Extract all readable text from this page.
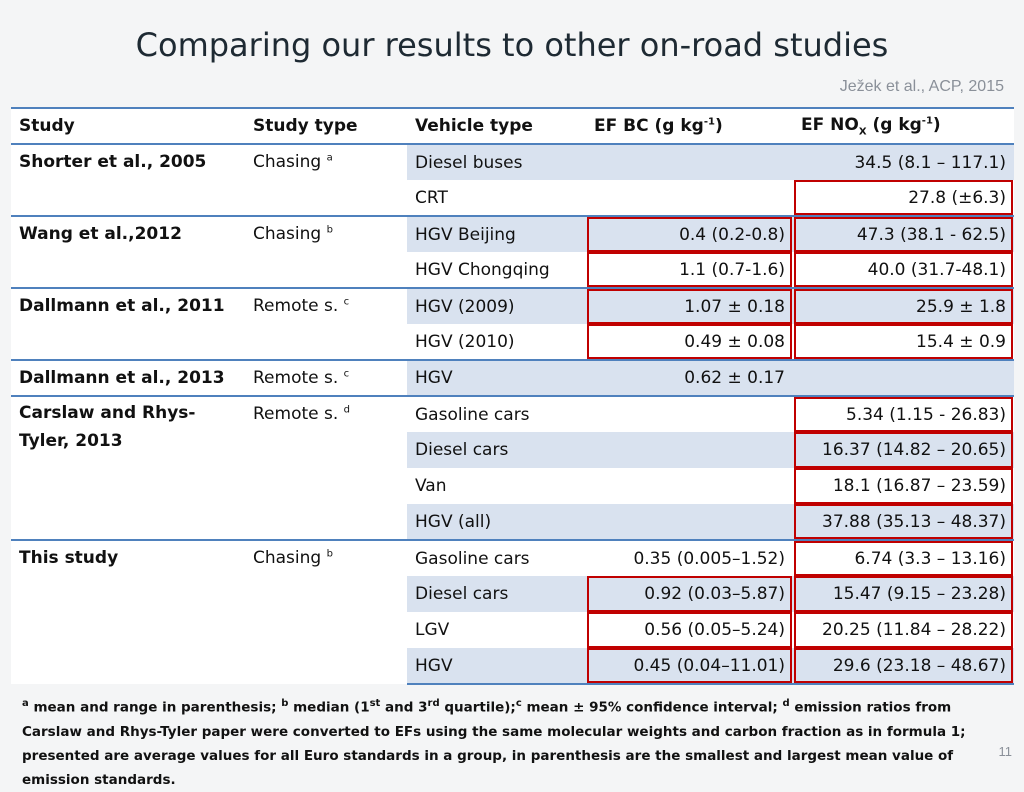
Comparing our results to other on-road studies
Ježek et al., ACP, 2015
Study	Study type	Vehicle type	EF BC (g $kg^{-1}$)	EF $NO_X$ (g $kg^{-1}$)
Shorter et al., 2005	Chasing $^a$	Diesel buses		34.5 (8.1 – 117.1)
		CRT		27.8 (±6.3)
Wang et al.,2012	Chasing $^b$	HGV Beijing	0.4 (0.2-0.8)	47.3 (38.1 - 62.5)
		HGV Chongqing	1.1 (0.7-1.6)	40.0 (31.7-48.1)
Dallmann et al., 2011	Remote s. $^c$	HGV (2009)	1.07 ± 0.18	25.9 ± 1.8
		HGV (2010)	0.49 ± 0.08	15.4 ± 0.9
Dallmann et al., 2013	Remote s. $^c$	HGV	0.62 ± 0.17	
Carslaw and Rhys-Tyler, 2013	Remote s. $^d$	Gasoline cars		5.34 (1.15 - 26.83)
		Diesel cars		16.37 (14.82 – 20.65)
		Van		18.1 (16.87 – 23.59)
		HGV (all)		37.88 (35.13 – 48.37)
This study	Chasing $^b$	Gasoline cars	0.35 (0.005–1.52)	6.74 (3.3 – 13.16)
		Diesel cars	0.92 (0.03–5.87)	15.47 (9.15 – 23.28)
		LGV	0.56 (0.05–5.24)	20.25 (11.84 – 28.22)
		HGV	0.45 (0.04–11.01)	29.6 (23.18 – 48.67)
$^a$ mean and range in parenthesis; $^b$ median (1st and 3rd quartile);$^c$ mean ± 95% confidence interval; $^d$ emission ratios from Carslaw and Rhys-Tyler paper were converted to EFs using the same molecular weights and carbon fraction as in formula 1; presented are average values for all Euro standards in a group, in parenthesis are the smallest and largest mean value of emission standards.
11
